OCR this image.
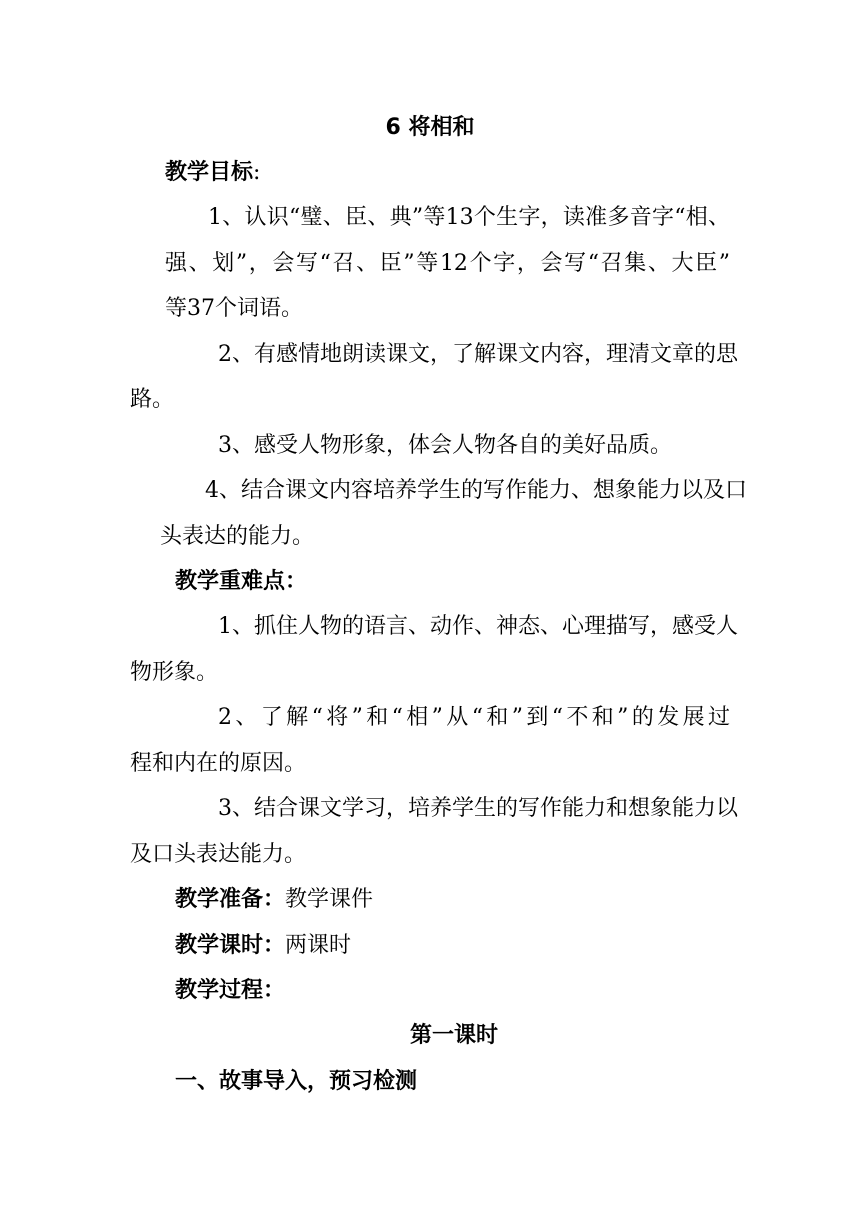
6 将相和
教学目标:
1、认识“璧、臣、典”等13个生字，读准多音字“相、
强、划”，会写“召、臣”等12个字，会写“召集、大臣”
等37个词语。
2、有感情地朗读课文，了解课文内容，理清文章的思
路。
3、感受人物形象，体会人物各自的美好品质。
4、结合课文内容培养学生的写作能力、想象能力以及口
头表达的能力。
教学重难点：
1、抓住人物的语言、动作、神态、心理描写，感受人
物形象。
2、了解“将”和“相”从“和”到“不和”的发展过
程和内在的原因。
3、结合课文学习，培养学生的写作能力和想象能力以
及口头表达能力。
教学准备：教学课件
教学课时：两课时
教学过程：
第一课时
一、故事导入，预习检测
